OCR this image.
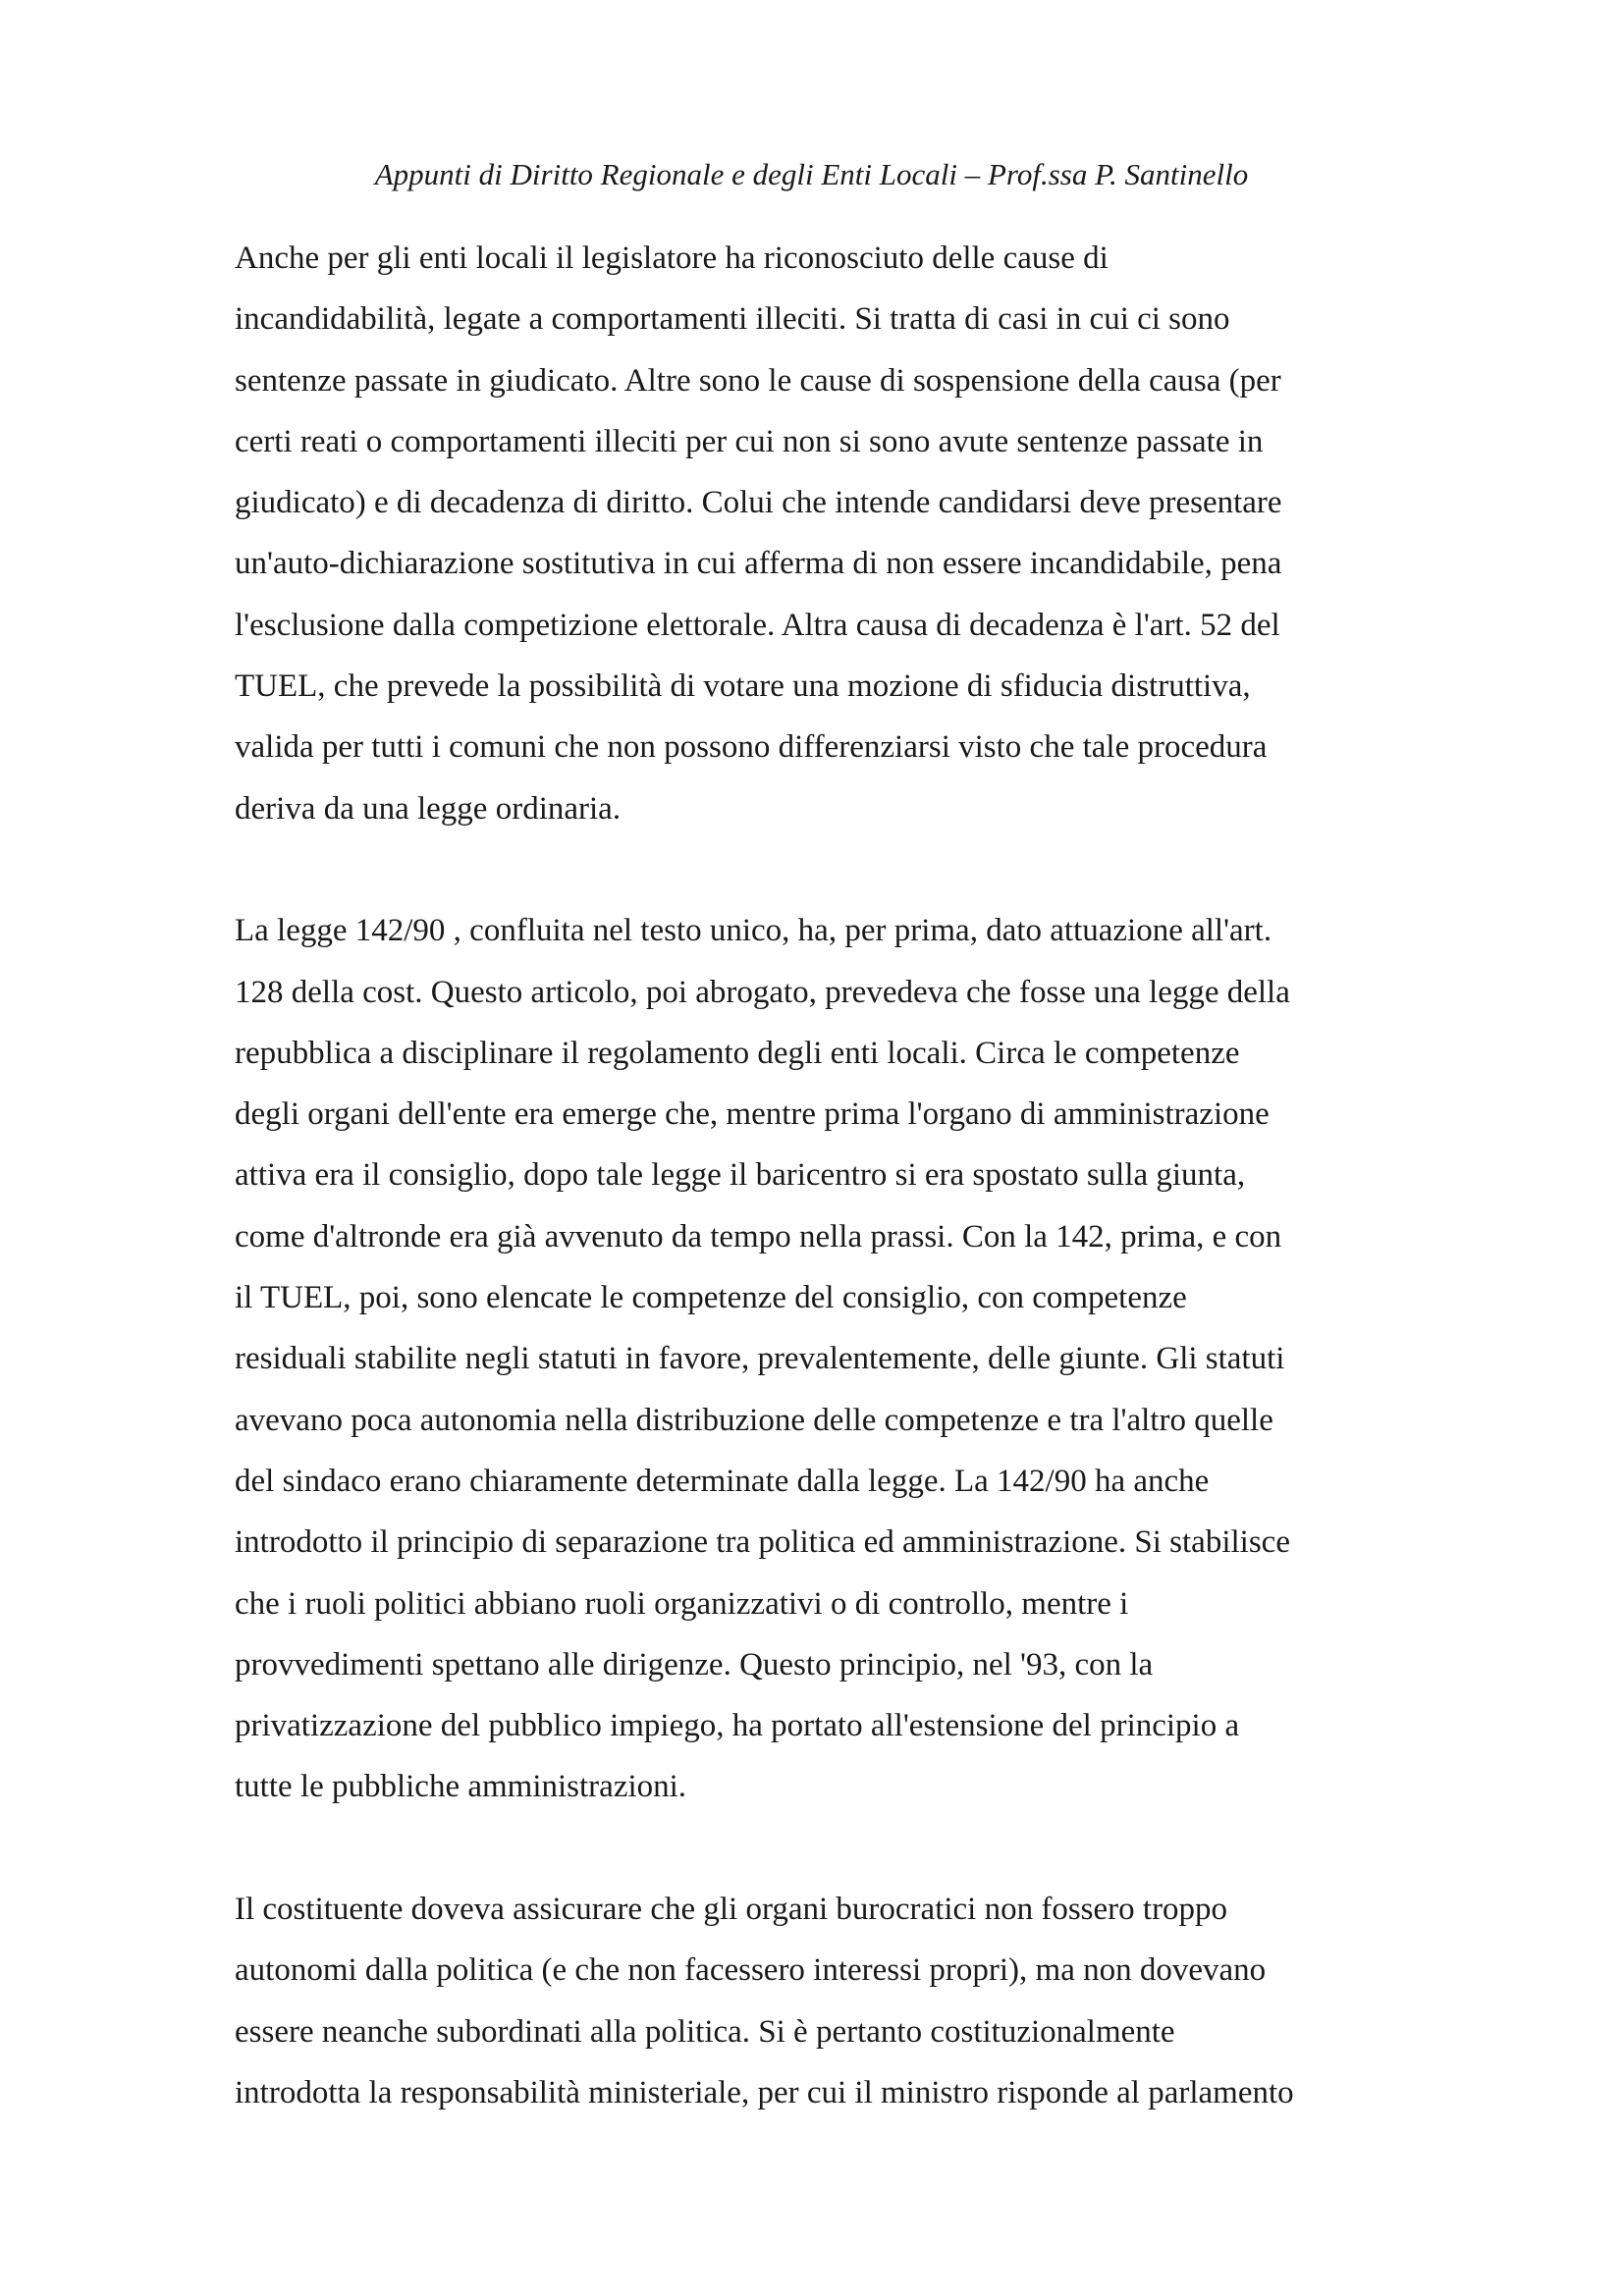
Appunti di Diritto Regionale e degli Enti Locali – Prof.ssa P. Santinello
Anche per gli enti locali il legislatore ha riconosciuto delle cause di
incandidabilità, legate a comportamenti illeciti. Si tratta di casi in cui ci sono
sentenze passate in giudicato. Altre sono le cause di sospensione della causa (per
certi reati o comportamenti illeciti per cui non si sono avute sentenze passate in
giudicato) e di decadenza di diritto. Colui che intende candidarsi deve presentare
un'auto-dichiarazione sostitutiva in cui afferma di non essere incandidabile, pena
l'esclusione dalla competizione elettorale. Altra causa di decadenza è l'art. 52 del
TUEL, che prevede la possibilità di votare una mozione di sfiducia distruttiva,
valida per tutti i comuni che non possono differenziarsi visto che tale procedura
deriva da una legge ordinaria.
La legge 142/90 , confluita nel testo unico, ha, per prima, dato attuazione all'art.
128 della cost. Questo articolo, poi abrogato, prevedeva che fosse una legge della
repubblica a disciplinare il regolamento degli enti locali. Circa le competenze
degli organi dell'ente era emerge che, mentre prima l'organo di amministrazione
attiva era il consiglio, dopo tale legge il baricentro si era spostato sulla giunta,
come d'altronde era già avvenuto da tempo nella prassi. Con la 142, prima, e con
il TUEL, poi, sono elencate le competenze del consiglio, con competenze
residuali stabilite negli statuti in favore, prevalentemente, delle giunte. Gli statuti
avevano poca autonomia nella distribuzione delle competenze e tra l'altro quelle
del sindaco erano chiaramente determinate dalla legge. La 142/90 ha anche
introdotto il principio di separazione tra politica ed amministrazione. Si stabilisce
che i ruoli politici abbiano ruoli organizzativi o di controllo, mentre i
provvedimenti spettano alle dirigenze. Questo principio, nel '93, con la
privatizzazione del pubblico impiego, ha portato all'estensione del principio a
tutte le pubbliche amministrazioni.
Il costituente doveva assicurare che gli organi burocratici non fossero troppo
autonomi dalla politica (e che non facessero interessi propri), ma non dovevano
essere neanche subordinati alla politica. Si è pertanto costituzionalmente
introdotta la responsabilità ministeriale, per cui il ministro risponde al parlamento
